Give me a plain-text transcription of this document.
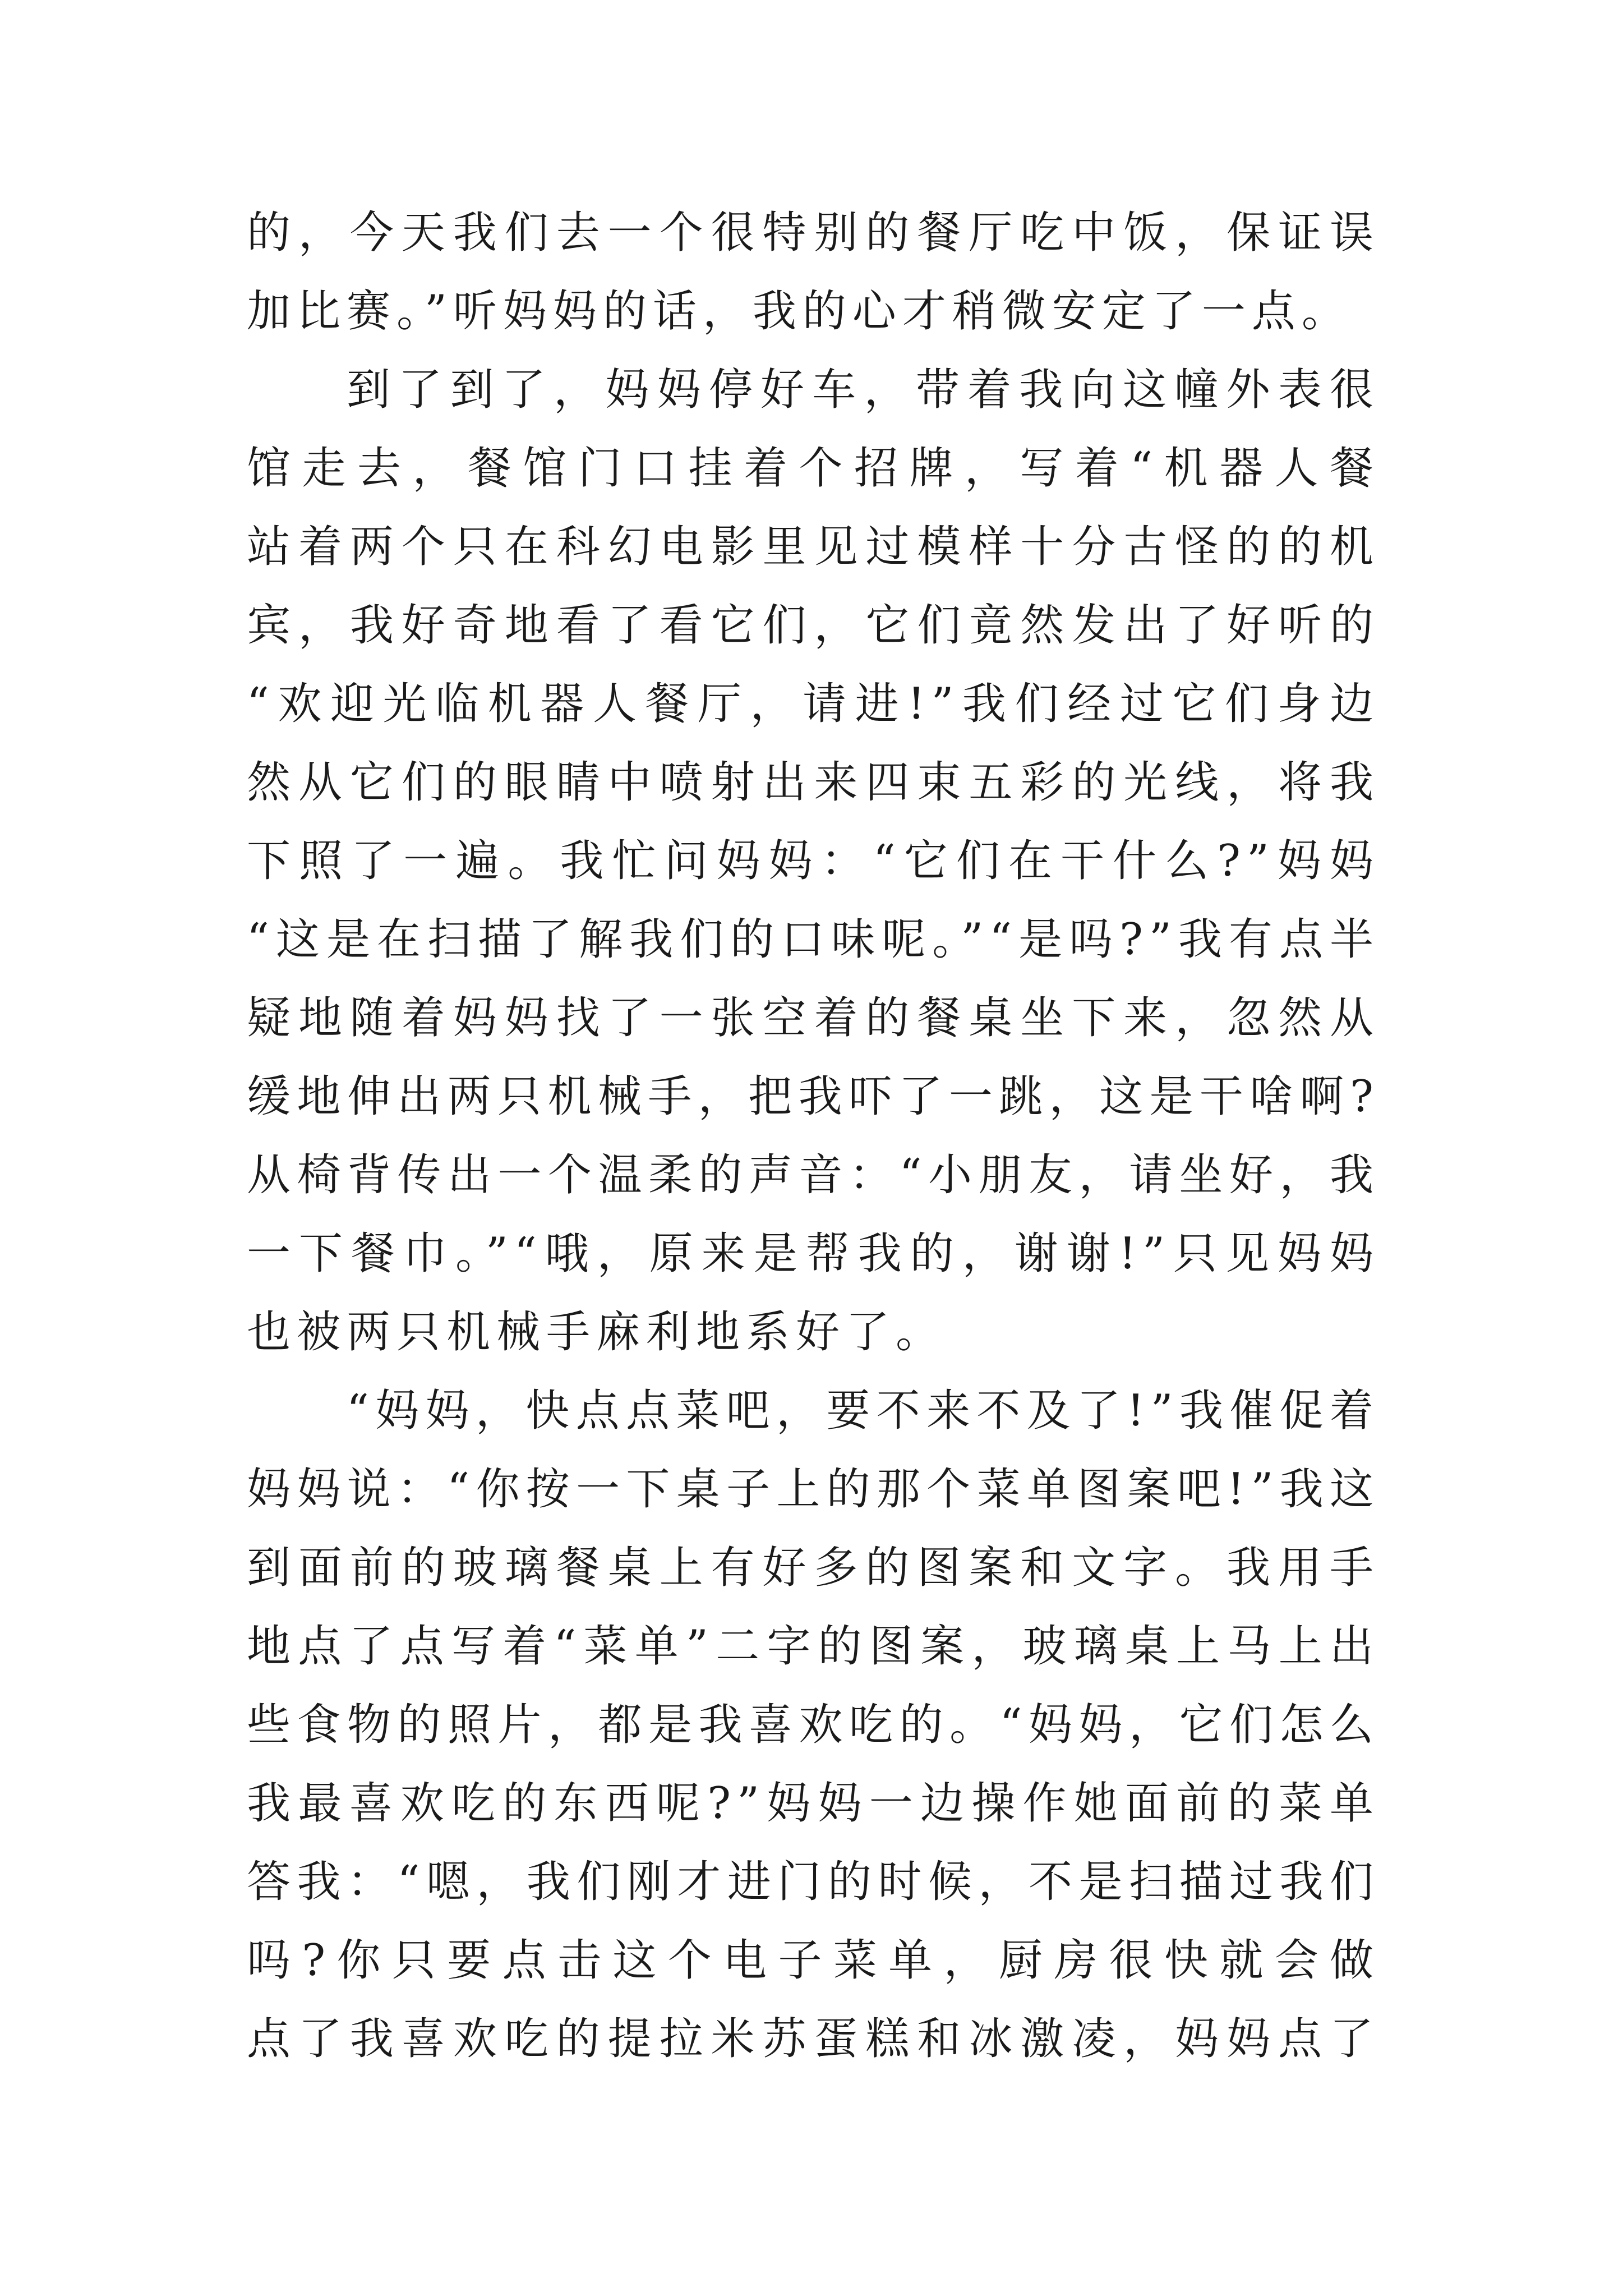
的，今天我们去一个很特别的餐厅吃中饭，保证误
加比赛。”听妈妈的话，我的心才稍微安定了一点。
到了到了，妈妈停好车，带着我向这幢外表很
馆走去，餐馆门口挂着个招牌，写着“机器人餐
站着两个只在科幻电影里见过模样十分古怪的的机
宾，我好奇地看了看它们，它们竟然发出了好听的
“欢迎光临机器人餐厅，请进!”我们经过它们身边
然从它们的眼睛中喷射出来四束五彩的光线，将我
下照了一遍。我忙问妈妈：“它们在干什么?”妈妈
“这是在扫描了解我们的口味呢。”“是吗?”我有点半
疑地随着妈妈找了一张空着的餐桌坐下来，忽然从
缓地伸出两只机械手，把我吓了一跳，这是干啥啊?
从椅背传出一个温柔的声音：“小朋友，请坐好，我
一下餐巾。”“哦，原来是帮我的，谢谢!”只见妈妈
也被两只机械手麻利地系好了。
“妈妈，快点点菜吧，要不来不及了!”我催促着
妈妈说：“你按一下桌子上的那个菜单图案吧!”我这
到面前的玻璃餐桌上有好多的图案和文字。我用手
地点了点写着“菜单”二字的图案，玻璃桌上马上出
些食物的照片，都是我喜欢吃的。“妈妈，它们怎么
我最喜欢吃的东西呢?”妈妈一边操作她面前的菜单
答我：“嗯，我们刚才进门的时候，不是扫描过我们
吗?你只要点击这个电子菜单，厨房很快就会做
点了我喜欢吃的提拉米苏蛋糕和冰激凌，妈妈点了
